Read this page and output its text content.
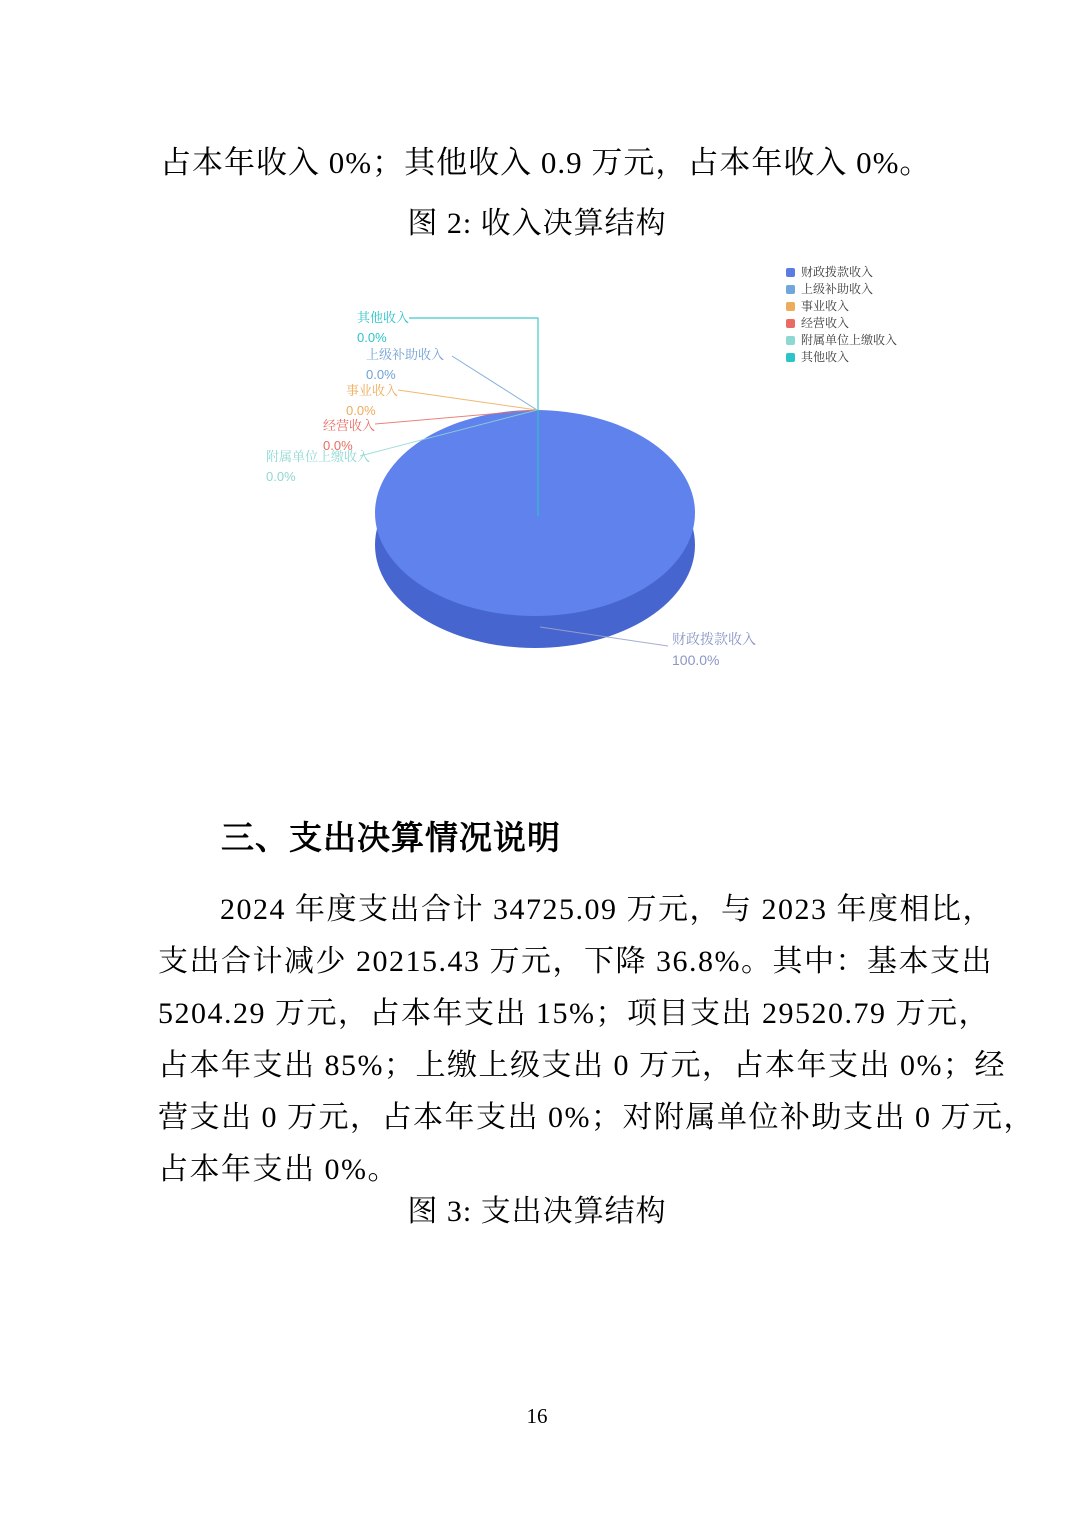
占本年收入 0%；其他收入 0.9 万元，占本年收入 0%。
图 2: 收入决算结构
其他收入
0.0%
上级补助收入
0.0%
事业收入
0.0%
经营收入
0.0%
附属单位上缴收入
0.0%
财政拨款收入
100.0%
财政拨款收入
上级补助收入
事业收入
经营收入
附属单位上缴收入
其他收入
三、支出决算情况说明
2024 年度支出合计 34725.09 万元，与 2023 年度相比，
支出合计减少 20215.43 万元，下降 36.8%。其中：基本支出
5204.29 万元，占本年支出 15%；项目支出 29520.79 万元，
占本年支出 85%；上缴上级支出 0 万元，占本年支出 0%；经
营支出 0 万元，占本年支出 0%；对附属单位补助支出 0 万元，
占本年支出 0%。
图 3: 支出决算结构
16
